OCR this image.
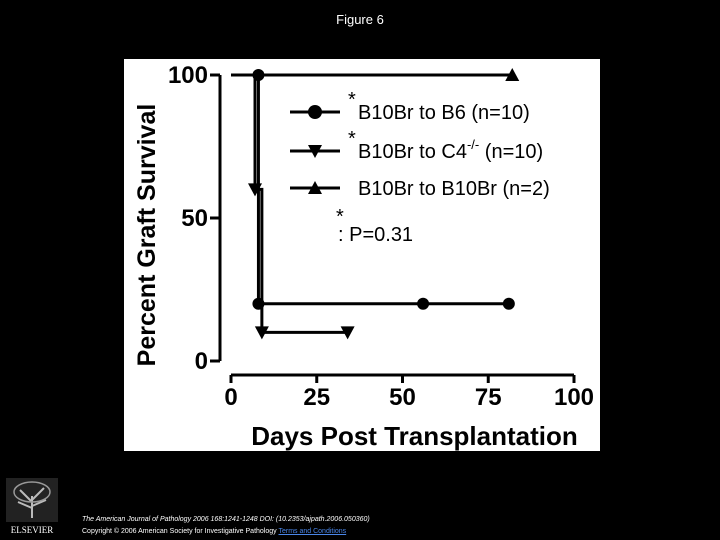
Figure 6
0
50
100
0	25 50 75 100
*
B10Br to B6 (n=10)
*
B10Br to C4-/- (n=10)
B10Br to B10Br (n=2)
*
: P=0.31
Days Post Transplantation
Percent Graft Survival
ELSEVIER
The American Journal of Pathology 2006 168:1241-1248 DOI: (10.2353/ajpath.2006.050360)
Copyright © 2006 American Society for Investigative Pathology Terms and Conditions
